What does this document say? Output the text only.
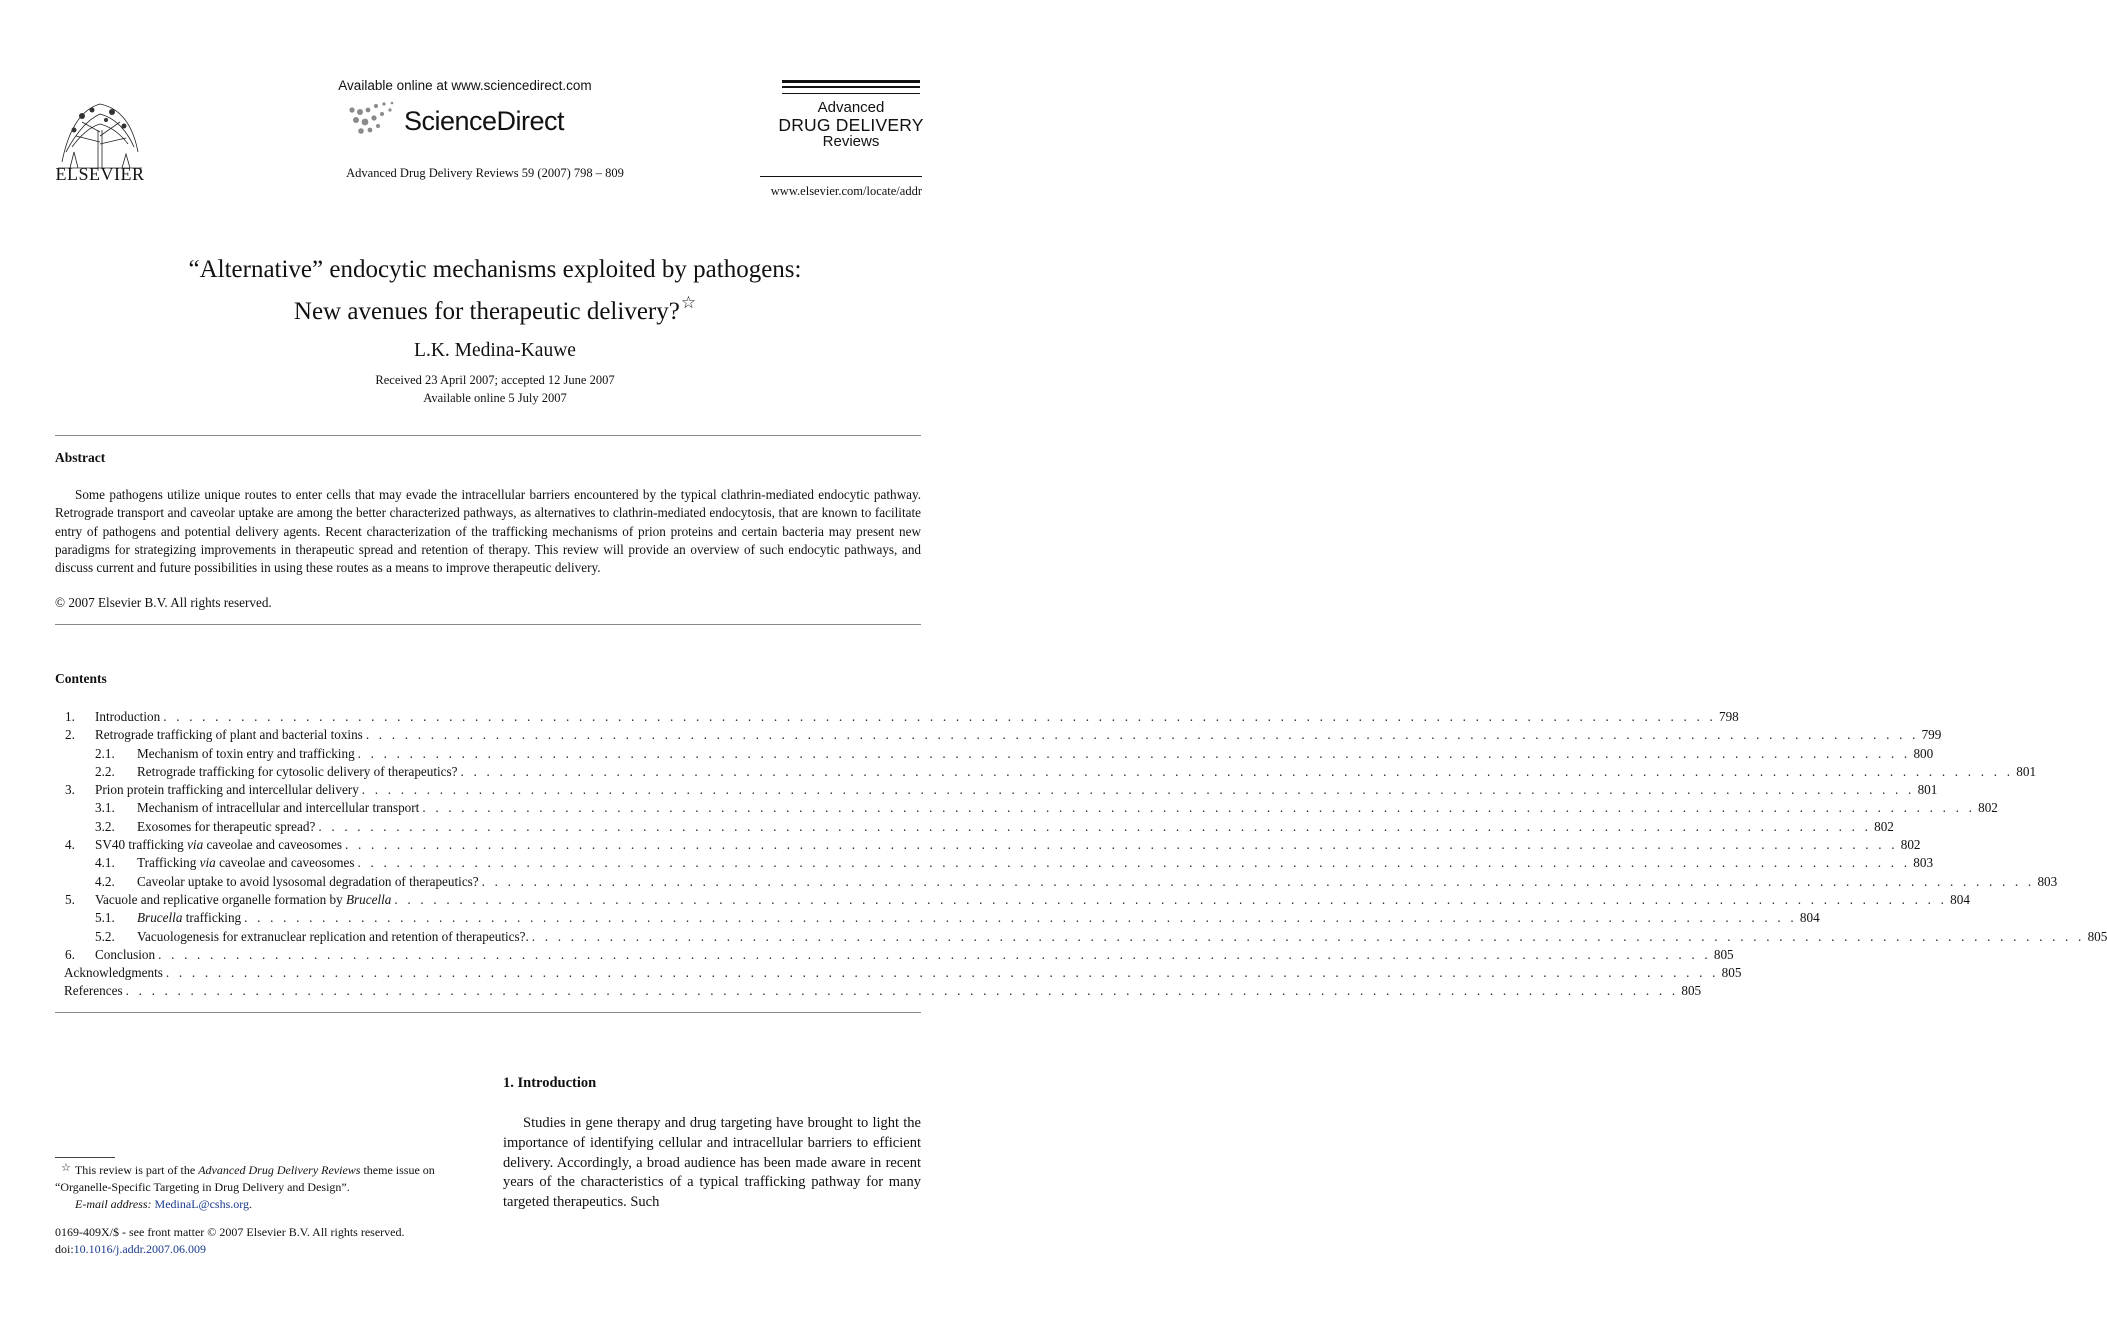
ELSEVIER
Available online at www.sciencedirect.com
ScienceDirect
Advanced Drug Delivery Reviews 59 (2007) 798 – 809
Advanced
DRUG DELIVERY
Reviews
www.elsevier.com/locate/addr
“Alternative” endocytic mechanisms exploited by pathogens:
New avenues for therapeutic delivery?☆
L.K. Medina-Kauwe
Received 23 April 2007; accepted 12 June 2007
Available online 5 July 2007
Abstract
Some pathogens utilize unique routes to enter cells that may evade the intracellular barriers encountered by the typical clathrin-mediated endocytic pathway. Retrograde transport and caveolar uptake are among the better characterized pathways, as alternatives to clathrin-mediated endocytosis, that are known to facilitate entry of pathogens and potential delivery agents. Recent characterization of the trafficking mechanisms of prion proteins and certain bacteria may present new paradigms for strategizing improvements in therapeutic spread and retention of therapy. This review will provide an overview of such endocytic pathways, and discuss current and future possibilities in using these routes as a means to improve therapeutic delivery.
© 2007 Elsevier B.V. All rights reserved.
Contents
1. Introduction . . . . . . . . . . . . . . . . . . . . . . . . . . . . . . . . . . . . . . . . . . . . . . . . . . . . . . . . . . . . . . . . . . . . . . . . . . . . . . . . . . . . . . . . . . . . . . . . . . . . . . . . . . . . . . . . . . . . . . . . 798
2. Retrograde trafficking of plant and bacterial toxins . . . . . . . . . . . . . . . . . . . . . . . . . . . . . . . . . . . . . . . . . . . . . . . . . . . . . . . . . . . . . . . . . . . . . . . . . . . . . . . . . . . . . . . . . . . . . . . . . . . . . . . . . . . . . . . . . . . . . . . . 799
2.1. Mechanism of toxin entry and trafficking . . . . . . . . . . . . . . . . . . . . . . . . . . . . . . . . . . . . . . . . . . . . . . . . . . . . . . . . . . . . . . . . . . . . . . . . . . . . . . . . . . . . . . . . . . . . . . . . . . . . . . . . . . . . . . . . . . . . . . . . 800
2.2. Retrograde trafficking for cytosolic delivery of therapeutics? . . . . . . . . . . . . . . . . . . . . . . . . . . . . . . . . . . . . . . . . . . . . . . . . . . . . . . . . . . . . . . . . . . . . . . . . . . . . . . . . . . . . . . . . . . . . . . . . . . . . . . . . . . . . . . . . . . . . . . . . 801
3. Prion protein trafficking and intercellular delivery . . . . . . . . . . . . . . . . . . . . . . . . . . . . . . . . . . . . . . . . . . . . . . . . . . . . . . . . . . . . . . . . . . . . . . . . . . . . . . . . . . . . . . . . . . . . . . . . . . . . . . . . . . . . . . . . . . . . . . . . 801
3.1. Mechanism of intracellular and intercellular transport . . . . . . . . . . . . . . . . . . . . . . . . . . . . . . . . . . . . . . . . . . . . . . . . . . . . . . . . . . . . . . . . . . . . . . . . . . . . . . . . . . . . . . . . . . . . . . . . . . . . . . . . . . . . . . . . . . . . . . . . 802
3.2. Exosomes for therapeutic spread? . . . . . . . . . . . . . . . . . . . . . . . . . . . . . . . . . . . . . . . . . . . . . . . . . . . . . . . . . . . . . . . . . . . . . . . . . . . . . . . . . . . . . . . . . . . . . . . . . . . . . . . . . . . . . . . . . . . . . . . . 802
4. SV40 trafficking via caveolae and caveosomes . . . . . . . . . . . . . . . . . . . . . . . . . . . . . . . . . . . . . . . . . . . . . . . . . . . . . . . . . . . . . . . . . . . . . . . . . . . . . . . . . . . . . . . . . . . . . . . . . . . . . . . . . . . . . . . . . . . . . . . . 802
4.1. Trafficking via caveolae and caveosomes . . . . . . . . . . . . . . . . . . . . . . . . . . . . . . . . . . . . . . . . . . . . . . . . . . . . . . . . . . . . . . . . . . . . . . . . . . . . . . . . . . . . . . . . . . . . . . . . . . . . . . . . . . . . . . . . . . . . . . . . 803
4.2. Caveolar uptake to avoid lysosomal degradation of therapeutics? . . . . . . . . . . . . . . . . . . . . . . . . . . . . . . . . . . . . . . . . . . . . . . . . . . . . . . . . . . . . . . . . . . . . . . . . . . . . . . . . . . . . . . . . . . . . . . . . . . . . . . . . . . . . . . . . . . . . . . . . 803
5. Vacuole and replicative organelle formation by Brucella . . . . . . . . . . . . . . . . . . . . . . . . . . . . . . . . . . . . . . . . . . . . . . . . . . . . . . . . . . . . . . . . . . . . . . . . . . . . . . . . . . . . . . . . . . . . . . . . . . . . . . . . . . . . . . . . . . . . . . . . 804
5.1. Brucella trafficking . . . . . . . . . . . . . . . . . . . . . . . . . . . . . . . . . . . . . . . . . . . . . . . . . . . . . . . . . . . . . . . . . . . . . . . . . . . . . . . . . . . . . . . . . . . . . . . . . . . . . . . . . . . . . . . . . . . . . . . . 804
5.2. Vacuologenesis for extranuclear replication and retention of therapeutics?. . . . . . . . . . . . . . . . . . . . . . . . . . . . . . . . . . . . . . . . . . . . . . . . . . . . . . . . . . . . . . . . . . . . . . . . . . . . . . . . . . . . . . . . . . . . . . . . . . . . . . . . . . . . . . . . . . . . . . . . . 805
6. Conclusion . . . . . . . . . . . . . . . . . . . . . . . . . . . . . . . . . . . . . . . . . . . . . . . . . . . . . . . . . . . . . . . . . . . . . . . . . . . . . . . . . . . . . . . . . . . . . . . . . . . . . . . . . . . . . . . . . . . . . . . . 805
Acknowledgments . . . . . . . . . . . . . . . . . . . . . . . . . . . . . . . . . . . . . . . . . . . . . . . . . . . . . . . . . . . . . . . . . . . . . . . . . . . . . . . . . . . . . . . . . . . . . . . . . . . . . . . . . . . . . . . . . . . . . . . . 805
References . . . . . . . . . . . . . . . . . . . . . . . . . . . . . . . . . . . . . . . . . . . . . . . . . . . . . . . . . . . . . . . . . . . . . . . . . . . . . . . . . . . . . . . . . . . . . . . . . . . . . . . . . . . . . . . . . . . . . . . . 805
1. Introduction
Studies in gene therapy and drug targeting have brought to light the importance of identifying cellular and intracellular barriers to efficient delivery. Accordingly, a broad audience has been made aware in recent years of the characteristics of a typical trafficking pathway for many targeted therapeutics. Such
☆ This review is part of the Advanced Drug Delivery Reviews theme issue on “Organelle-Specific Targeting in Drug Delivery and Design”.
E-mail address: MedinaL@cshs.org.
0169-409X/$ - see front matter © 2007 Elsevier B.V. All rights reserved.
doi:10.1016/j.addr.2007.06.009
